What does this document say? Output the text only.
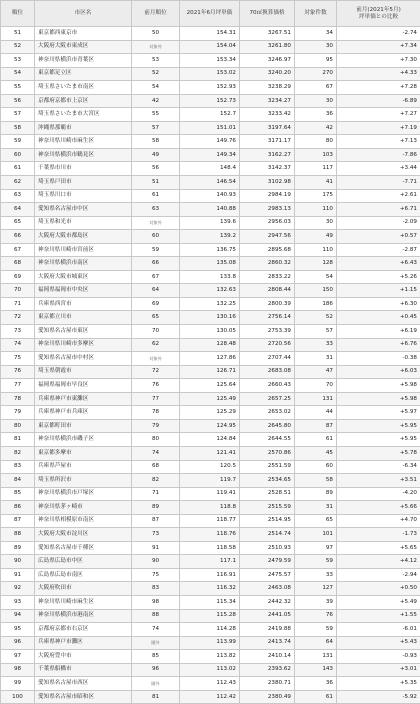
順位	市区名	前月順位	2021年6月坪単価	70㎡換算価格	対象件数	前月(2021年5月)
坪単価との比較

51	東京都西東京市	50	154.31	3267.51	34	-2.74
52	大阪府大阪市東成区	対象外	154.04	3261.80	30	+7.34
53	神奈川県横浜市青葉区	53	153.34	3246.97	95	+7.30
54	東京都足立区	52	153.02	3240.20	270	+4.33
55	埼玉県さいたま市南区	54	152.93	3238.29	67	+7.28
56	京都府京都市上京区	42	152.73	3234.27	30	-6.89
57	埼玉県さいたま市大宮区	55	152.7	3233.42	36	+7.27
58	沖縄県那覇市	57	151.01	3197.64	42	+7.19
59	神奈川県川崎市麻生区	58	149.76	3171.17	80	+7.13
60	神奈川県横浜市鶴見区	49	149.34	3162.27	103	-7.86
61	千葉県市川市	56	148.4	3142.37	117	+3.44
62	埼玉県戸田市	51	146.54	3102.98	41	-7.71
63	埼玉県川口市	61	140.93	2984.19	175	+2.61
64	愛知県名古屋市中区	63	140.88	2983.13	110	+6.71
65	埼玉県和光市	対象外	139.6	2956.03	30	-2.09
66	大阪府大阪市都島区	60	139.2	2947.56	49	+0.57
67	神奈川県川崎市宮前区	59	136.75	2895.68	110	-2.87
68	神奈川県横浜市南区	66	135.08	2860.32	128	+6.43
69	大阪府大阪市城東区	67	133.8	2833.22	54	+5.26
70	福岡県福岡市中央区	64	132.63	2808.44	150	+1.15
71	兵庫県西宮市	69	132.25	2800.39	186	+6.30
72	東京都立川市	65	130.16	2756.14	52	+0.45
73	愛知県名古屋市東区	70	130.05	2753.39	57	+6.19
74	神奈川県川崎市多摩区	62	128.48	2720.56	33	+6.76
75	愛知県名古屋市中村区	対象外	127.86	2707.44	31	-0.38
76	埼玉県朝霞市	72	126.71	2683.08	47	+6.03
77	福岡県福岡市早良区	76	125.64	2660.43	70	+5.98
78	兵庫県神戸市東灘区	77	125.49	2657.25	131	+5.98
79	兵庫県神戸市兵庫区	78	125.29	2653.02	44	+5.97
80	東京都町田市	79	124.95	2645.80	87	+5.95
81	神奈川県横浜市磯子区	80	124.84	2644.55	61	+5.95
82	東京都多摩市	74	121.41	2570.86	45	+5.78
83	兵庫県芦屋市	68	120.5	2551.59	60	-6.34
84	埼玉県所沢市	82	119.7	2534.65	58	+3.51
85	神奈川県横浜市戸塚区	71	119.41	2528.51	89	-4.20
86	神奈川県茅ヶ崎市	89	118.8	2515.59	31	+5.66
87	神奈川県相模原市南区	87	118.77	2514.95	65	+4.70
88	大阪府大阪市淀川区	73	118.76	2514.74	101	-1.73
89	愛知県名古屋市千種区	91	118.58	2510.93	97	+5.65
90	広島県広島市中区	90	117.1	2479.59	59	+4.12
91	広島県広島市南区	75	116.91	2475.57	33	-2.94
92	大阪府吹田市	83	116.32	2463.08	127	+0.50
93	神奈川県川崎市麻生区	98	115.34	2442.32	39	+5.49
94	神奈川県横浜市港南区	88	115.28	2441.05	76	+1.55
95	京都府京都市右京区	74	114.28	2419.88	59	-6.01
96	兵庫県神戸市灘区	圏外	113.99	2413.74	64	+5.43
97	大阪府豊中市	85	113.82	2410.14	131	-0.93
98	千葉県船橋市	96	113.02	2393.62	143	+3.01
99	愛知県名古屋市西区	圏外	112.43	2380.71	36	+5.35
100	愛知県名古屋市昭和区	81	112.42	2380.49	61	-5.92
